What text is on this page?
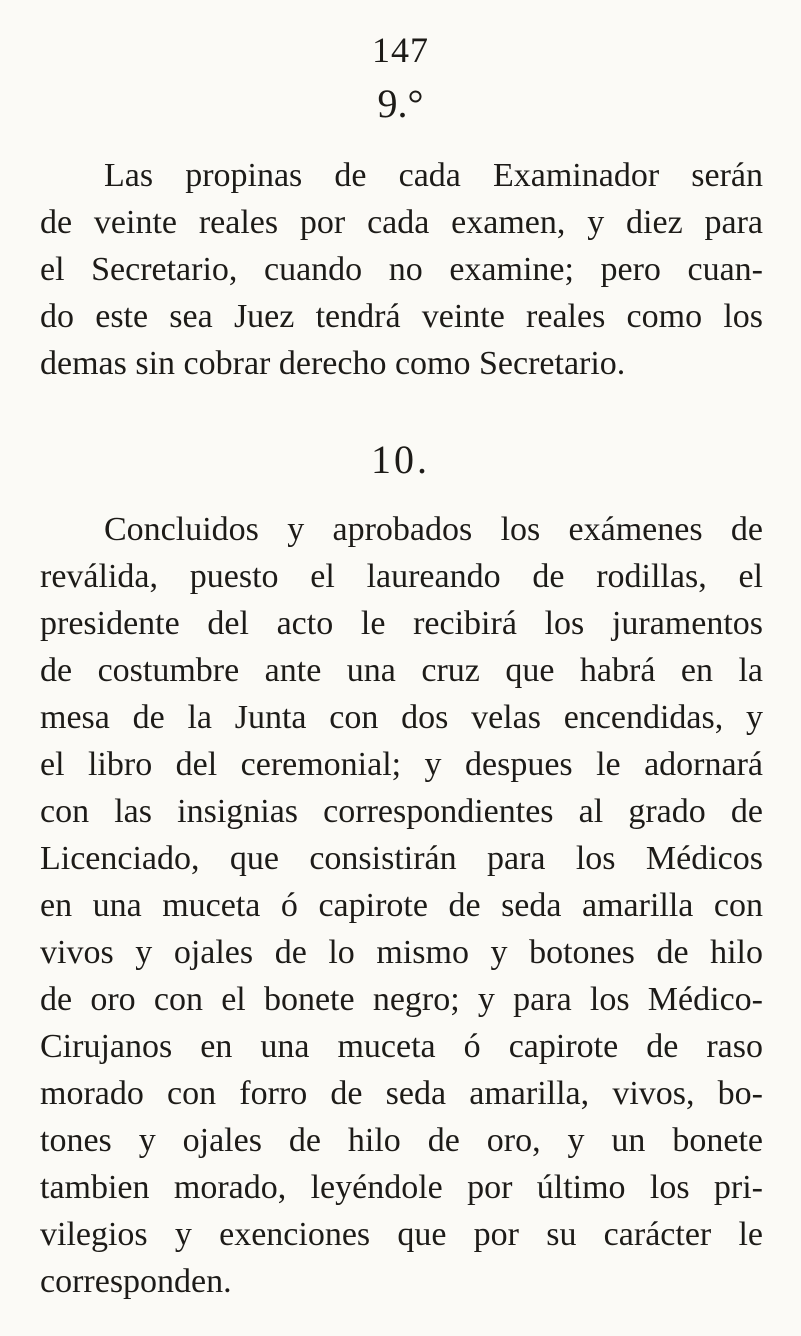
147
9.°

Las propinas de cada Examinador serán
de veinte reales por cada examen, y diez para
el Secretario, cuando no examine; pero cuan-
do este sea Juez tendrá veinte reales como los
demas sin cobrar derecho como Secretario.

10.

Concluidos y aprobados los exámenes de
reválida, puesto el laureando de rodillas, el
presidente del acto le recibirá los juramentos
de costumbre ante una cruz que habrá en la
mesa de la Junta con dos velas encendidas, y
el libro del ceremonial; y despues le adornará
con las insignias correspondientes al grado de
Licenciado, que consistirán para los Médicos
en una muceta ó capirote de seda amarilla con
vivos y ojales de lo mismo y botones de hilo
de oro con el bonete negro; y para los Médico-
Cirujanos en una muceta ó capirote de raso
morado con forro de seda amarilla, vivos, bo-
tones y ojales de hilo de oro, y un bonete
tambien morado, leyéndole por último los pri-
vilegios y exenciones que por su carácter le
corresponden.
